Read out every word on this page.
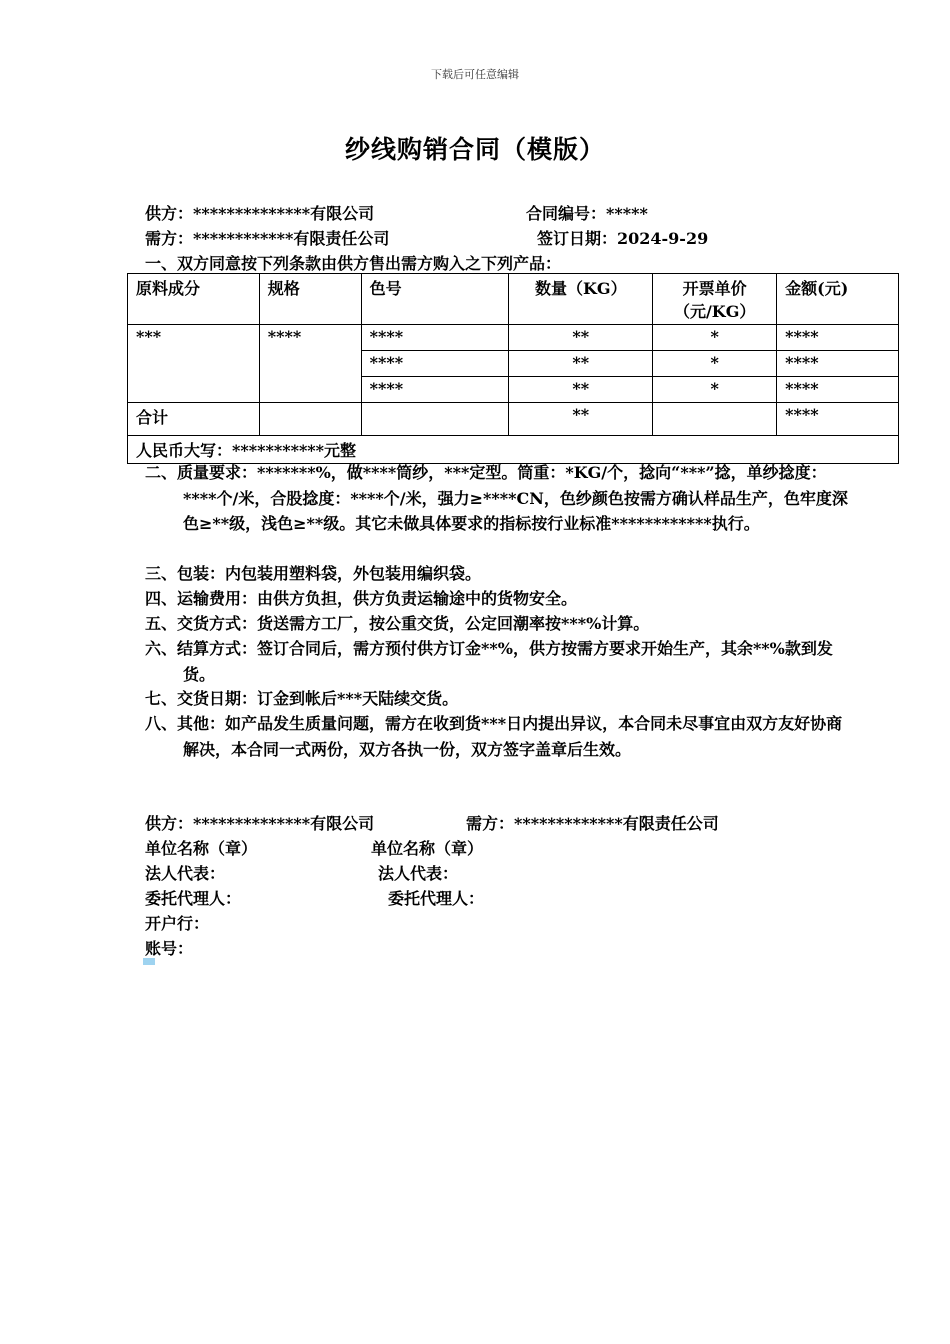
下载后可任意编辑
纱线购销合同（模版）
供方：**************有限公司	合同编号：*****
需方：************有限责任公司	签订日期：2024-9-29
一、双方同意按下列条款由供方售出需方购入之下列产品：
原料成分	规格	色号	数量（KG）	开票单价（元/KG）	金额(元)
***	****	****	**	*	****
		****	**	*	****
		****	**	*	****
合计			**		****
人民币大写：***********元整					
二、质量要求：*******%，做****筒纱，***定型。筒重：*KG/个，捻向“***”捻，单纱捻度：****个/米，合股捻度：****个/米，强力≥****CN，色纱颜色按需方确认样品生产，色牢度深色≥**级，浅色≥**级。其它未做具体要求的指标按行业标准************执行。
三、包装：内包装用塑料袋，外包装用编织袋。
四、运输费用：由供方负担，供方负责运输途中的货物安全。
五、交货方式：货送需方工厂，按公重交货，公定回潮率按***%计算。
六、结算方式：签订合同后，需方预付供方订金**%，供方按需方要求开始生产，其余**%款到发货。
七、交货日期：订金到帐后***天陆续交货。
八、其他：如产品发生质量问题，需方在收到货***日内提出异议，本合同未尽事宜由双方友好协商解决，本合同一式两份，双方各执一份，双方签字盖章后生效。
供方：**************有限公司	需方：*************有限责任公司
单位名称（章）	单位名称（章）
法人代表：	法人代表：
委托代理人：	委托代理人：
开户行：
账号：
